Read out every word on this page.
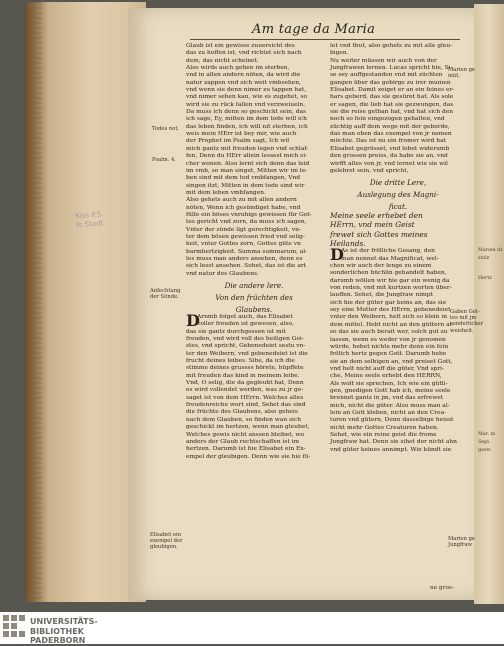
Kiss P.S.
In Stadt
Am tage da Maria

Glaub ist ein gewisse zuuersicht des

das zu hoffen ist, vnd richtet sich nach

dem, das nicht scheinet.

Also wirds auch gehen im sterben,

vnd in allen andern nöten, da wird die

natur zappen vnd sich weit vmbsehen,

vnd wenn sie denn nimer zu tappen hat,

vnd nimer sehen kan, wie es zugehet, so

wird sie zu rück fallen vnd verzweiueln.

Da muss ich denn so geschickt sein, das

ich sage, Ey, mitten im dem tode will ich

das leben finden, ich will nit sterben, ich

weis mein HErr ist bey mir, wie auch

der Prophet im Psalm sagt, Ich wil

mich gantz mit freuden legen vnd schlaf-

fen, Denn du HErr allein lessest mich si-

cher wonen. Also lernt sich denn das leid

im vmb, so man singet, Mitten wir im le-

ben sind mit dem tod vmbfangen, Vnd

singen itzt, Mitten in dem tode sind wir

mit dem leben vmbfangen.

Also gehets auch zu mit allen andern

nöten, Wenn ich gesündiget habe, vnd

fülle ein böses vnruhigs gewissen für Got-

tes gericht vnd zorn, da muss ich sagen,

Vnter der sünde ligt gerechtigkeit, vn-

ter dem bösen gewissen fried vnd selig-

keit, vnter Gottes zorn, Gottes güte vn

barmhertzigkeit. Summa summarum, al-

les muss man anders ansehen, denn es

sich lesst ansehen. Sehet, das ist die art

vnd natur des Glaubens.

Die andere lere.

Von den früchten des

Glaubens.

D
Arnmb folget auch, das Elisabet

voller freuden ist gewesen, also,

das sie gantz durchgossen ist mit

freuden, vnd wird voll des heiligen Gei-

stes, vnd spricht, Gebenedeiet sestu vn-

ter den Weibern, vnd gebenedeiet ist die

frucht deines leibes. Sihe, da ich die

stimme deines grussss hörete, hüpffete

mit freuden das kind in meinem leibe.

Vnd, O selig, die da gegleubt hat, Denn

es wird vollendet werden, was zu jr ge-

saget ist von dem HErrn. Welches alles

freudenreiche wort sind, Sehet das sind

die früchte des Glaubens, also geheis

nach dem Glauben, so finden wan sich

geschickt im hertzen, wenn man gleubet,

Welches gewis nicht anssen bleibet, wo

anders der Glaub rechtschaffen ist im

hertzen. Darumb ist hie Elisabet ein Ex-

empel der gleubigen. Denn wie sie hie fü-

let vnd thut, also gehets zu mit alle gleu-

bigen.

Nu weiter müssen wir auch von der

Jungfrawen lernen. Lucas spricht hie, Si-

se sey auffgestanden vnd mit züchten

gangen über das gebirge zu irer mumen

Elisabet. Damit zeiget er an ein feines er-

bars geberd, das sie gesüret hat. Als sole

er sagen, die lieb hat sie gezwungen, das

sie die reise gethan hat, vnd hat sich den

noch so fein eingezogen gehalten, vnd

züchtig auff dem wege mit der geberde,

das man eben das exempel von jr nemen

möchte. Das ist nu ein fromer wird hat

Elisabet gegrüsset, vnd lobet widerumb

den grossen preiss, da habe sie an, vnd

wirfft alles von jr, vnd lernet wie sie wil

gelehret sein, vnd spricht,

Die dritte Lere,

Auslegung des Magni-

ficat.

Meine seele erhebet den

HErrn, vnd mein Geist

frewet sich Gottes meines

Heilands.

D
As ist der frölliche Gesang, den

man nennet das Magnificat, wel-

chen wir auch der lenge zu einem

sonderlichen büchlin gehandelt haben,

darumb wöllen wir hie gar ein wenig da

von reden, vnd mit kurtzen worten über-

lauffen. Sehet, die Jungfraw nimpt

sich hie der güter gar keins an, das sie

sey eine Mutter des HErrn, gebenedeiet

vnter den Weibern, helt sich so klein in

dem mittel. Hebt nicht an den güttern al-

so das sie auch berait wer, solch gut zu

lassen, wenn es weder von jr genomen

würde, hebet nichts mehr denn ein fein

frölich hertz gegen Gott. Darumb hebe

sie an dem selbigen an, vnd preiset Gott,

vnd helt nicht auff die güter, Vnd spri-

che, Meine seele erhebt den HERRN,

Als wolt sie sprechen, Ich wie ein gütli-

gen, gnedigen Gott hab ich, meine seele

brennet gantz in jm, vnd das erfrewet

mich, nicht die güter. Also muss man al-

lein an Gott kleben, nicht an den Crea-

turen vnd gütern, Denn dasselbige heisst

nicht mehr Gottes Creaturen haben.

Sehet, wie ein reine geist die frome

Jungfraw hat. Denn sie sihet der nicht ahn

vnd güter keines annimpt. Wie kündt sie

Todes not.
Psalm. 4.
Anfechtung
der Sünde.
Elisabet ein
exempel der
gleubigen.
Marien ge
müt.
Gaben Got-
tes mit jm
sonderlicher
weisheit.
Marien ge
Jungfraw
ne gros-
Marien dz
stolz
Hertz
Mar. m
Sept.
gestr.
UNIVERSITÄTS-
BIBLIOTHEK
PADERBORN
